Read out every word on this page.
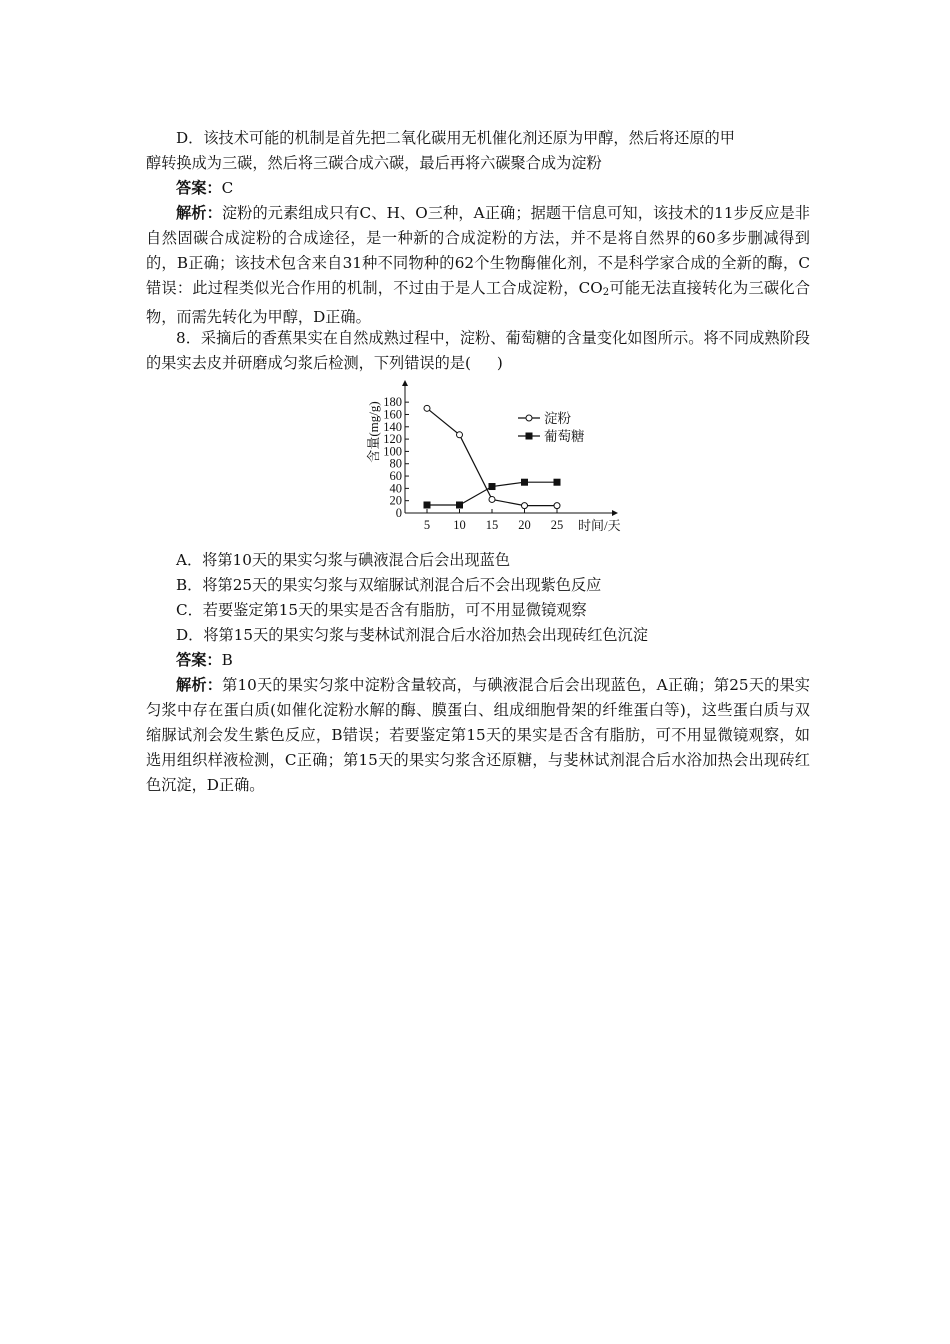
D．该技术可能的机制是首先把二氧化碳用无机催化剂还原为甲醇，然后将还原的甲
醇转换成为三碳，然后将三碳合成六碳，最后再将六碳聚合成为淀粉

答案：C

解析：淀粉的元素组成只有C、H、O三种，A正确；据题干信息可知，该技术的11步反应是非自然固碳合成淀粉的合成途径，是一种新的合成淀粉的方法，并不是将自然界的60多步删减得到的，B正确；该技术包含来自31种不同物种的62个生物酶催化剂，不是科学家合成的全新的酶，C错误：此过程类似光合作用的机制，不过由于是人工合成淀粉，$CO_2$可能无法直接转化为三碳化合物，而需先转化为甲醇，D正确。

8．采摘后的香蕉果实在自然成熟过程中，淀粉、葡萄糖的含量变化如图所示。将不同成熟阶段的果实去皮并研磨成匀浆后检测，下列错误的是( )

0
20
40
60
80
100
120
140
160
180
5 10 15 20 25
淀粉
葡萄糖
时间/天
含量(mg/g)

A．将第10天的果实匀浆与碘液混合后会出现蓝色

B．将第25天的果实匀浆与双缩脲试剂混合后不会出现紫色反应

C．若要鉴定第15天的果实是否含有脂肪，可不用显微镜观察

D．将第15天的果实匀浆与斐林试剂混合后水浴加热会出现砖红色沉淀

答案：B

解析：第10天的果实匀浆中淀粉含量较高，与碘液混合后会出现蓝色，A正确；第25天的果实匀浆中存在蛋白质(如催化淀粉水解的酶、膜蛋白、组成细胞骨架的纤维蛋白等)，这些蛋白质与双缩脲试剂会发生紫色反应，B错误；若要鉴定第15天的果实是否含有脂肪，可不用显微镜观察，如选用组织样液检测，C正确；第15天的果实匀浆含还原糖，与斐林试剂混合后水浴加热会出现砖红色沉淀，D正确。
